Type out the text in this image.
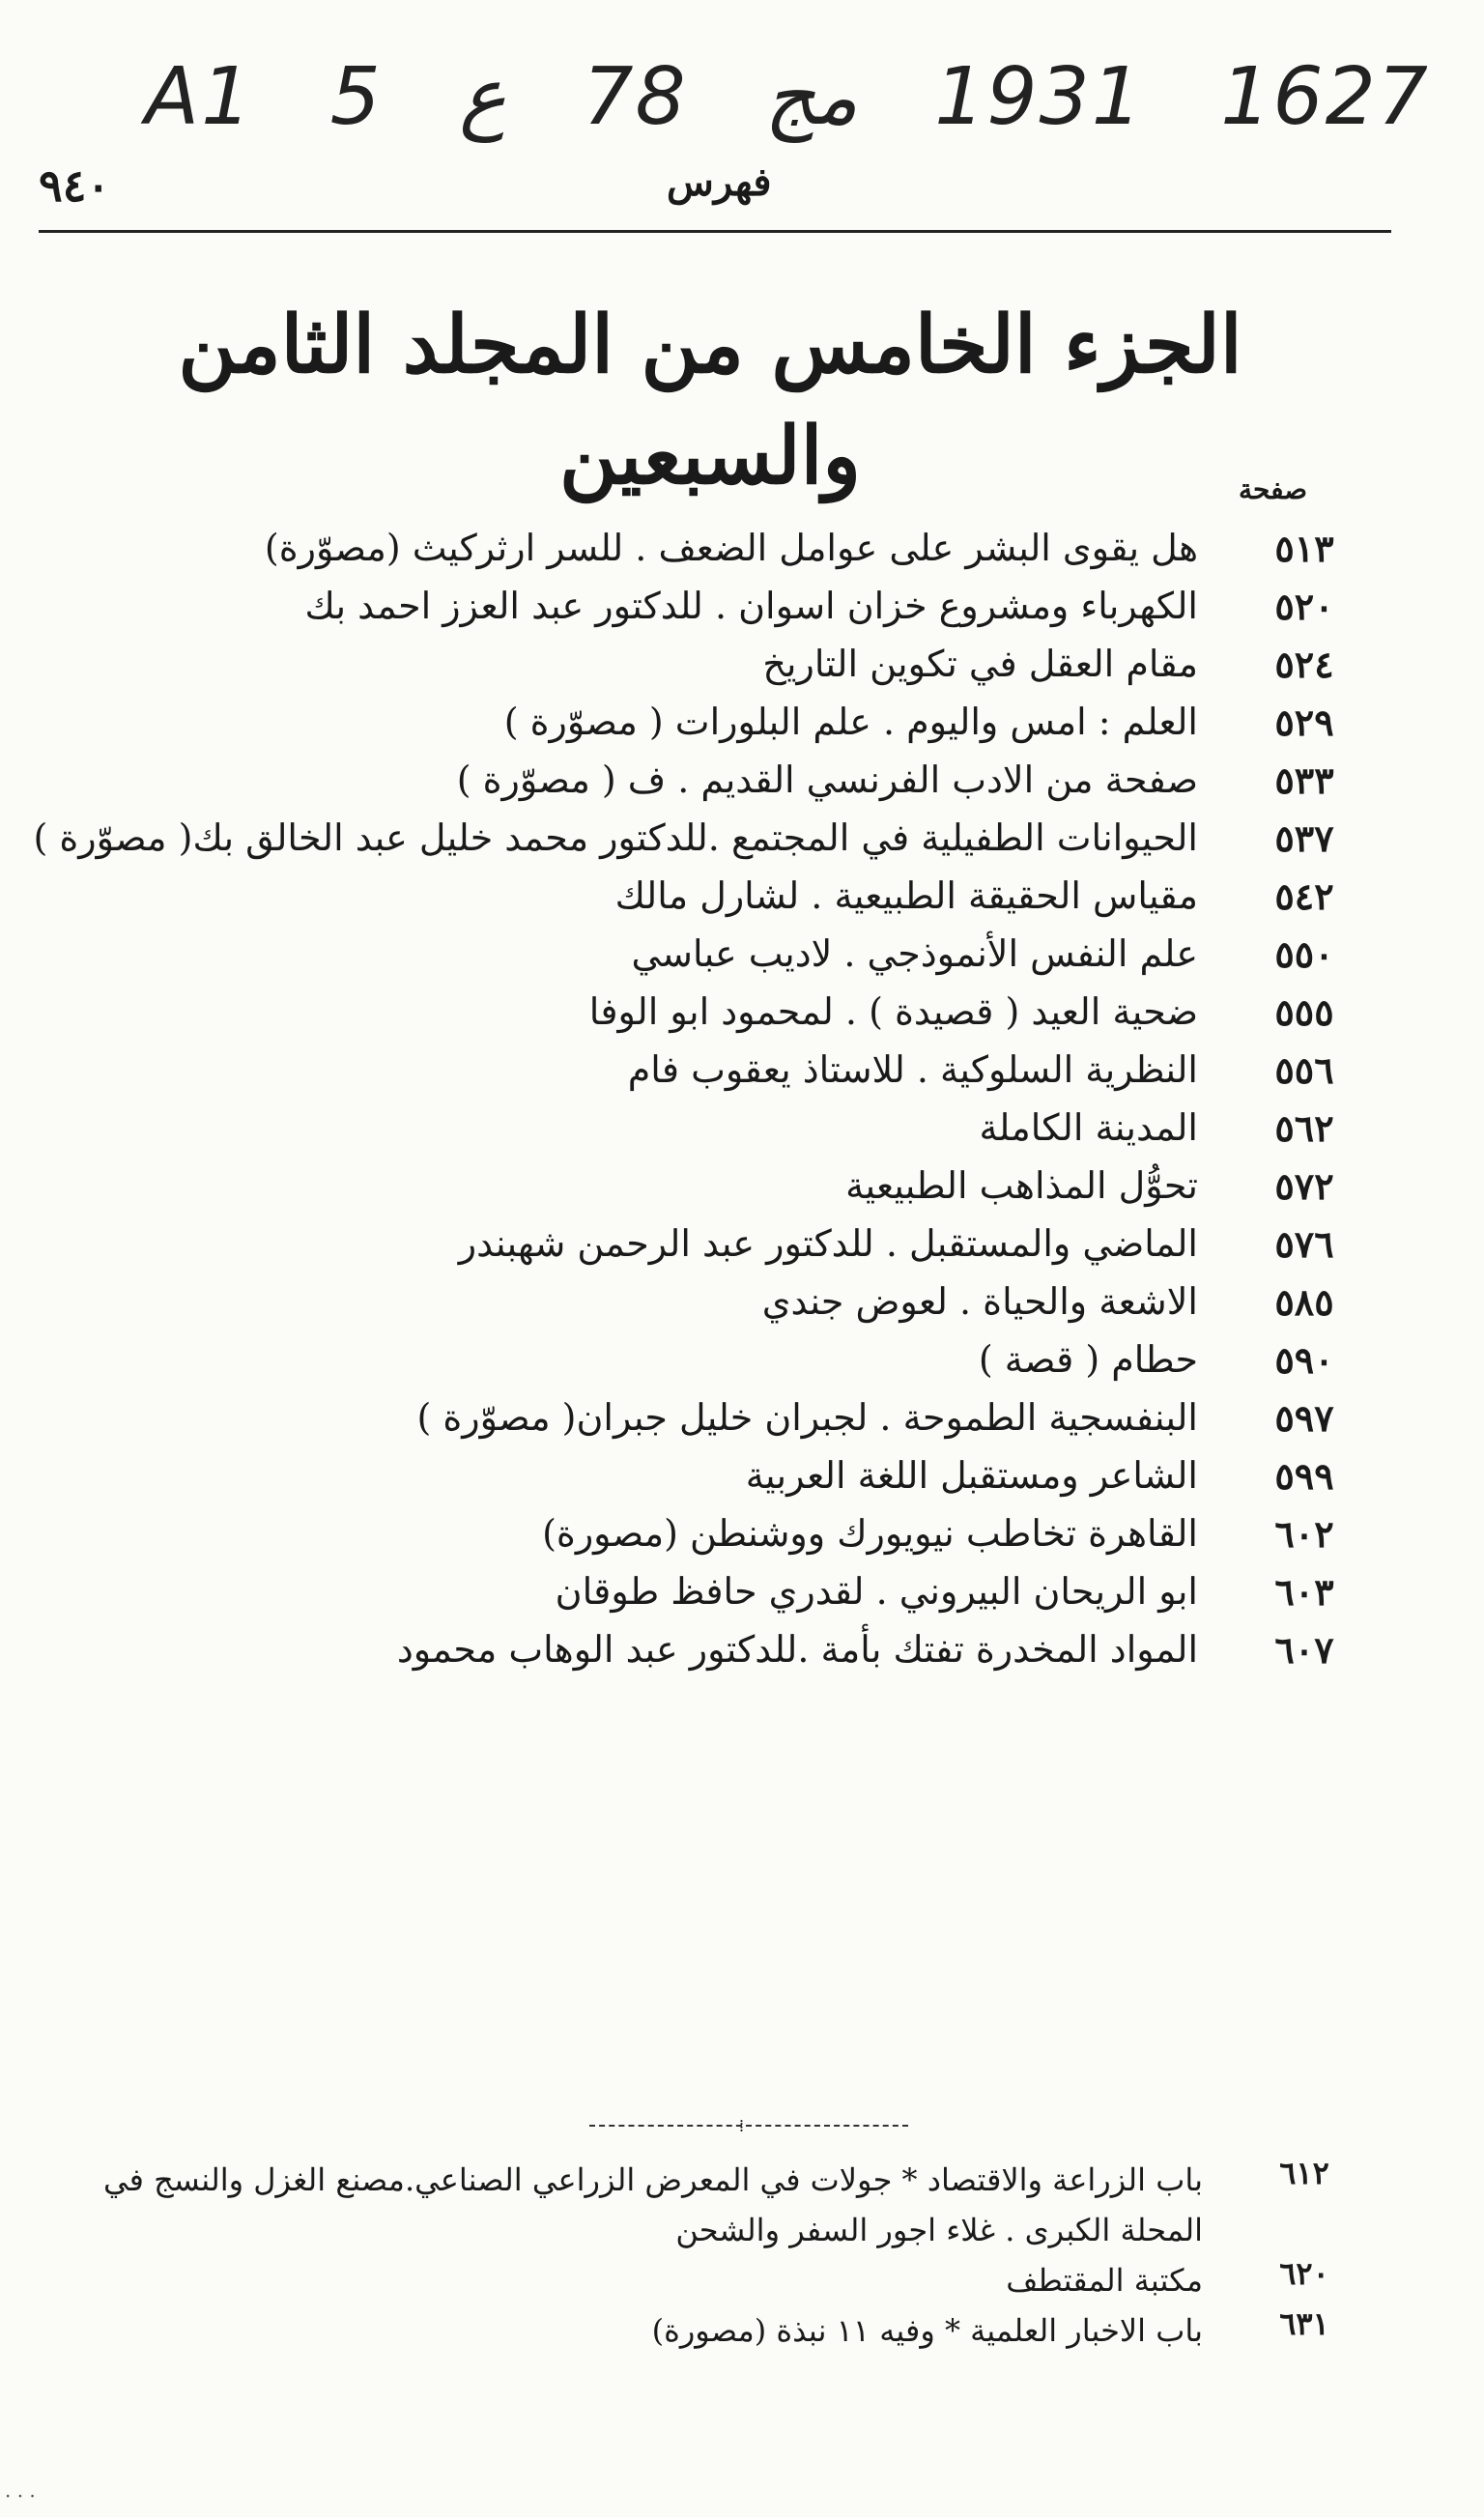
A1 5 ع 78 مج 1931 1627
٩٤٠	فهرس
الجزء الخامس من المجلد الثامن والسبعين	صفحة
٥١٣
هل يقوى البشر على عوامل الضعف . للسر ارثركيث (مصوّرة)
٥٢٠
الكهرباء ومشروع خزان اسوان . للدكتور عبد العزز احمد بك
٥٢٤
مقام العقل في تكوين التاريخ
٥٢٩
العلم : امس واليوم . علم البلورات ( مصوّرة )
٥٣٣
صفحة من الادب الفرنسي القديم . ف ( مصوّرة )
٥٣٧
الحيوانات الطفيلية في المجتمع .للدكتور محمد خليل عبد الخالق بك( مصوّرة )
٥٤٢
مقياس الحقيقة الطبيعية . لشارل مالك
٥٥٠
علم النفس الأنموذجي . لاديب عباسي
٥٥٥
ضحية العيد ( قصيدة ) . لمحمود ابو الوفا
٥٥٦
النظرية السلوكية . للاستاذ يعقوب فام
٥٦٢
المدينة الكاملة
٥٧٢
تحوُّل المذاهب الطبيعية
٥٧٦
الماضي والمستقبل . للدكتور عبد الرحمن شهبندر
٥٨٥
الاشعة والحياة . لعوض جندي
٥٩٠
حطام ( قصة )
٥٩٧
البنفسجية الطموحة . لجبران خليل جبران( مصوّرة )
٥٩٩
الشاعر ومستقبل اللغة العربية
٦٠٢
القاهرة تخاطب نيويورك ووشنطن (مصورة)
٦٠٣
ابو الريحان البيروني . لقدري حافظ طوقان
٦٠٧
المواد المخدرة تفتك بأمة .للدكتور عبد الوهاب محمود
⁞
٦١٢
باب الزراعة والاقتصاد * جولات في المعرض الزراعي الصناعي.مصنع الغزل والنسج في المحلة الكبرى . غلاء اجور السفر والشحن
٦٢٠
مكتبة المقتطف
٦٣١
باب الاخبار العلمية * وفيه ١١ نبذة (مصورة)
· · ·
